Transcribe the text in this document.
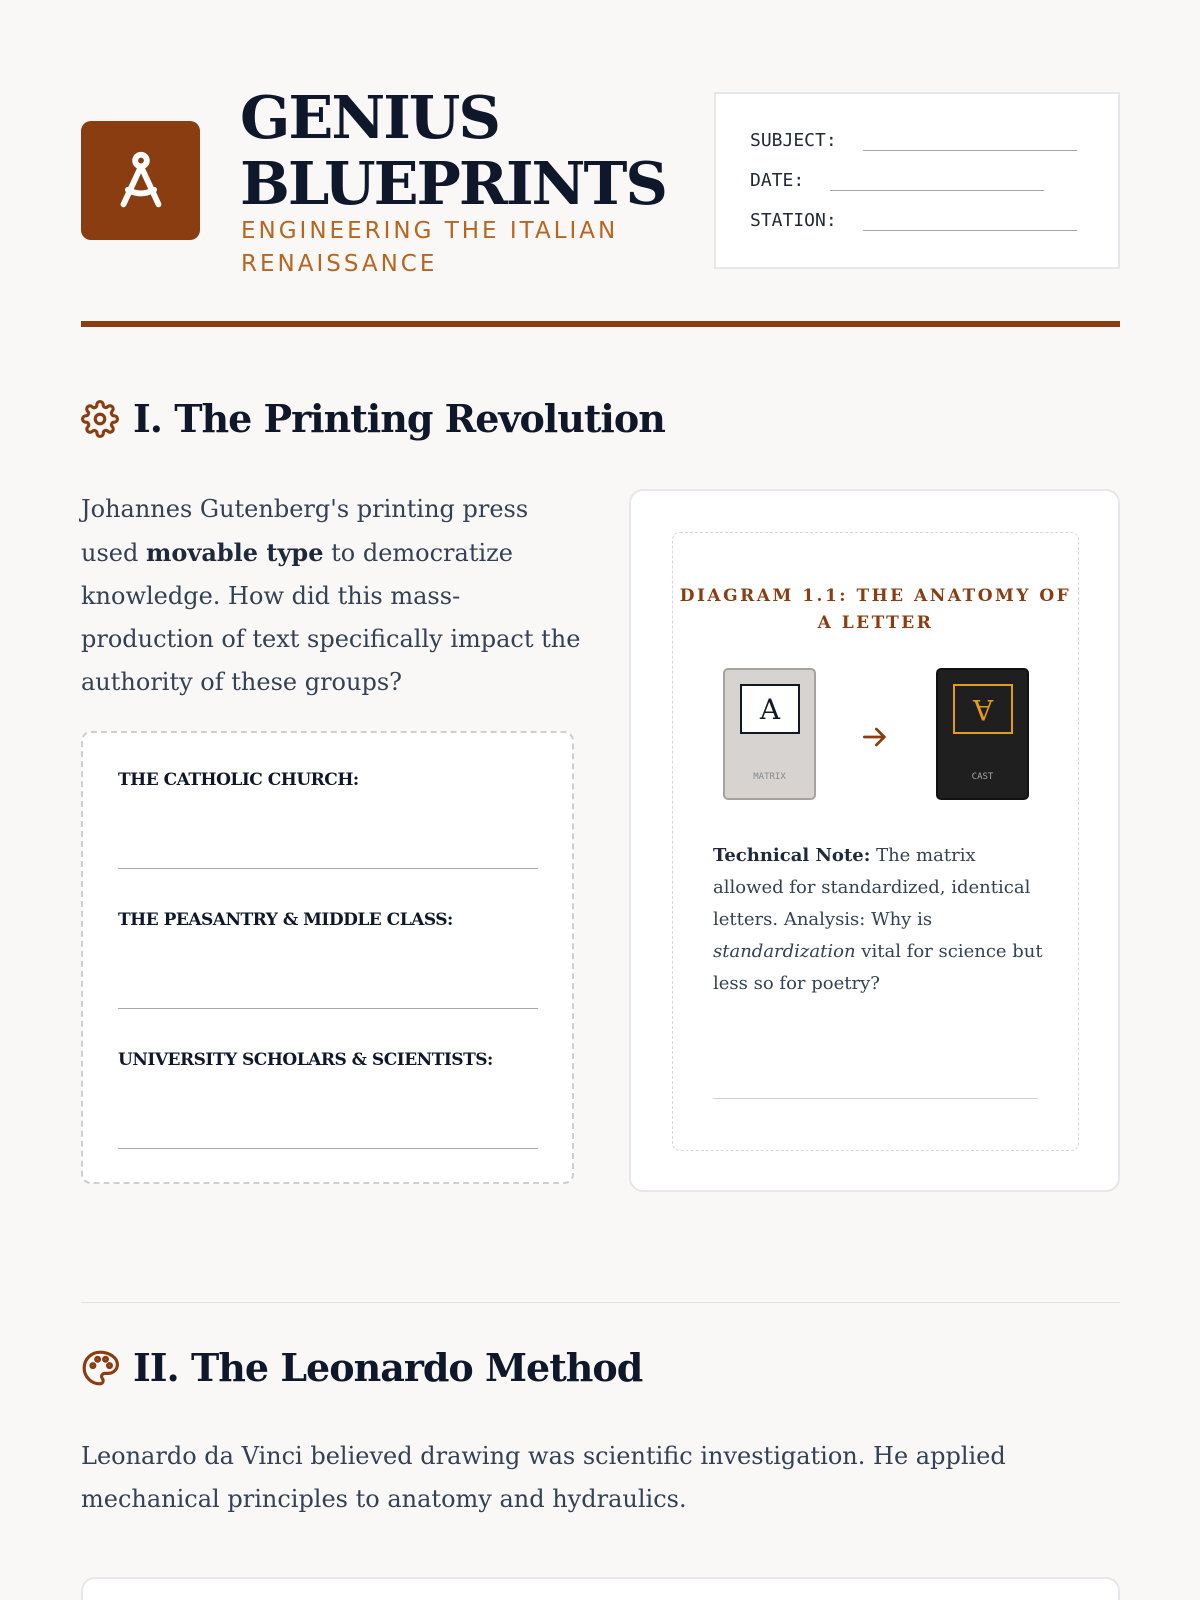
GENIUS BLUEPRINTS
ENGINEERING THE ITALIAN RENAISSANCE
SUBJECT:
DATE:
STATION:
I. The Printing Revolution
Johannes Gutenberg's printing press used movable type to democratize knowledge. How did this mass-production of text specifically impact the authority of these groups?
THE CATHOLIC CHURCH:
THE PEASANTRY & MIDDLE CLASS:
UNIVERSITY SCHOLARS & SCIENTISTS:
DIAGRAM 1.1: THE ANATOMY OF A LETTER
A
MATRIX
A
CAST
Technical Note: The matrix allowed for standardized, identical letters. Analysis: Why is standardization vital for science but less so for poetry?
II. The Leonardo Method
Leonardo da Vinci believed drawing was scientific investigation. He applied mechanical principles to anatomy and hydraulics.
